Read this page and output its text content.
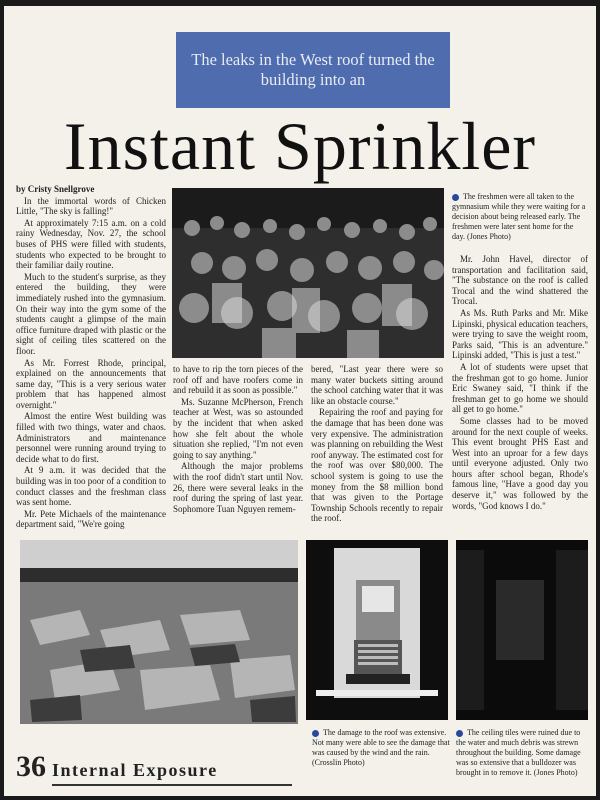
The leaks in the West roof turned the building into an
Instant Sprinkler

by Cristy Snellgrove

In the immortal words of Chicken Little, "The sky is falling!"

At approximately 7:15 a.m. on a cold rainy Wednesday, Nov. 27, the school buses of PHS were filled with students, students who expected to be brought to their familiar daily routine.

Much to the student's surprise, as they entered the building, they were immediately rushed into the gymnasium. On their way into the gym some of the students caught a glimpse of the main office furniture draped with plastic or the sight of ceiling tiles scattered on the floor.

As Mr. Forrest Rhode, principal, explained on the announcements that same day, "This is a very serious water problem that has happened almost overnight."

Almost the entire West building was filled with two things, water and chaos. Administrators and maintenance personnel were running around trying to decide what to do first.

At 9 a.m. it was decided that the building was in too poor of a condition to conduct classes and the freshman class was sent home.

Mr. Pete Michaels of the maintenance department said, "We're going

to have to rip the torn pieces of the roof off and have roofers come in and rebuild it as soon as possible."

Ms. Suzanne McPherson, French teacher at West, was so astounded by the incident that when asked how she felt about the whole situation she replied, "I'm not even going to say anything."

Although the major problems with the roof didn't start until Nov. 26, there were several leaks in the roof during the spring of last year. Sophomore Tuan Nguyen remem-

bered, "Last year there were so many water buckets sitting around the school catching water that it was like an obstacle course."

Repairing the roof and paying for the damage that has been done was very expensive. The administration was planning on rebuilding the West roof anyway. The estimated cost for the roof was over $80,000. The school system is going to use the money from the $8 million bond that was given to the Portage Township Schools recently to repair the roof.

The freshmen were all taken to the gymnasium while they were waiting for a decision about being released early. The freshmen were later sent home for the day. (Jones Photo)

Mr. John Havel, director of transportation and facilitation said, "The substance on the roof is called Trocal and the wind shattered the Trocal.

As Ms. Ruth Parks and Mr. Mike Lipinski, physical education teachers, were trying to save the weight room, Parks said, "This is an adventure." Lipinski added, "This is just a test."

A lot of students were upset that the freshman got to go home. Junior Eric Swaney said, "I think if the freshman get to go home we should all get to go home."

Some classes had to be moved around for the next couple of weeks. This event brought PHS East and West into an uproar for a few days until everyone adjusted. Only two hours after school began, Rhode's famous line, "Have a good day you deserve it," was followed by the words, "God knows I do."

The damage to the roof was extensive. Not many were able to see the damage that was caused by the wind and the rain. (Crosslin Photo)
The ceiling tiles were ruined due to the water and much debris was strewn throughout the building. Some damage was so extensive that a bulldozer was brought in to remove it. (Jones Photo)
36 Internal Exposure
